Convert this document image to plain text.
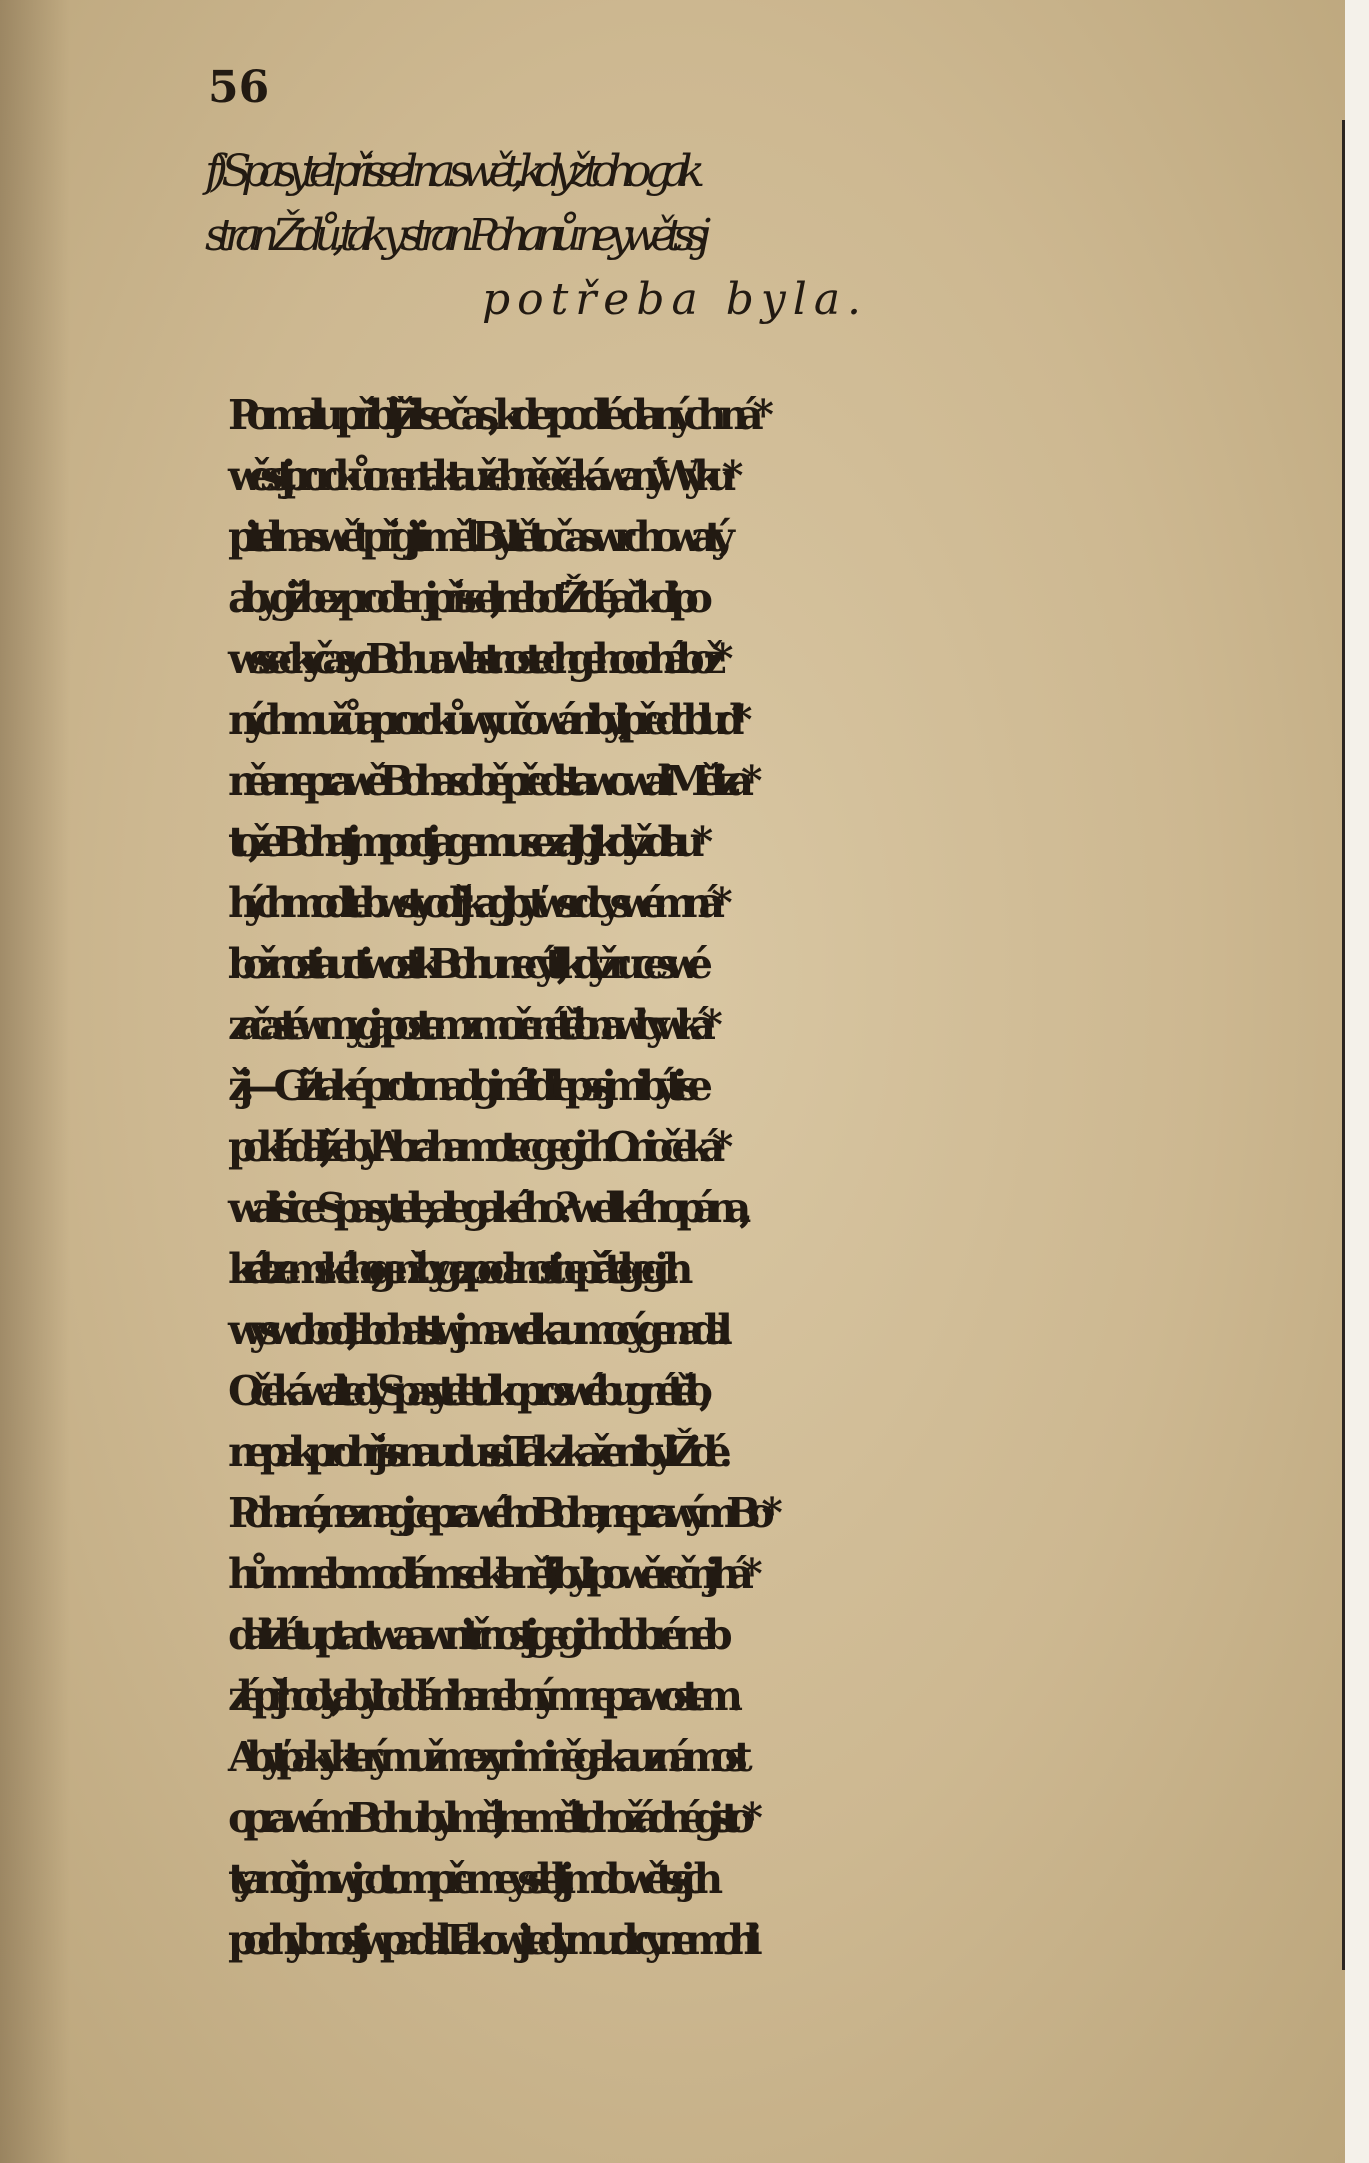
56
f) Spasytel přissel na swět, když toho gak
stran Židů, tak y stran Pohanů neywětssj
potřeba byla.
Pomalu přiblj̃žil se čas, kde podlé daných ná*
wěsstj proroků onen tak taužebně očekáwaný Wyku*
pitel na swět přigjti měl. Byltěto čas wrchowatý,
aby giž bez prodlenj přissel; neboť Židé, ačkoli po
wssecky časy o Bohu a wlastnostech geho od nábož*
ných mužů a proroků wyučowáni byli, předc blud*
ně a neprawě Boha sobě předstawowali. Měli za*
to, že Boha tjm poctj, a gemu se zaljbj, když dlau*
hých modliteb wsty odřjkagj, byť w srdcy swém ná*
božnosti a uctiwosti k Bohu necýtili; když ruce swé
začasté wmygj, a postem zmořené tělo na wlicy wká*
žj. — Giž také proto nad giné lidi lepssjmi býti se
pokládali, že byl Abraham otec gegich. Oni očeká*
wali sice Spasytele, ale gakého? welikého pána,
krále zemského, genžby ge z podanosti nepřátel gegich
wyswobodil, a bohatstwjm a welikau mocý ge nadal.
Očekáwali tedy Spasytele toliko pro swé bugné tělo,
ne pak pro hřjssnau dussi. Tak zkaženi byli Židé.
Pohané, neznagjce prawého Boha, neprawým Bo*
hům neb modlám se klaněli; byli powěrečnj, há*
dali z létu ptactwa a wnitřnostj gegich dobré neb
zlé přjhody; a byli oddáni hanebným neprawostem.
A byť pak y který muž mezy nimi něgakau známost
o prawém Bohu byl měl, neměl toho žádné gisto*
ty, ano čjm wjc o tom přemeysslel, tjm do wětssjch
pochybnostj wpadal. Takowj tedy mudrcy nemohli
